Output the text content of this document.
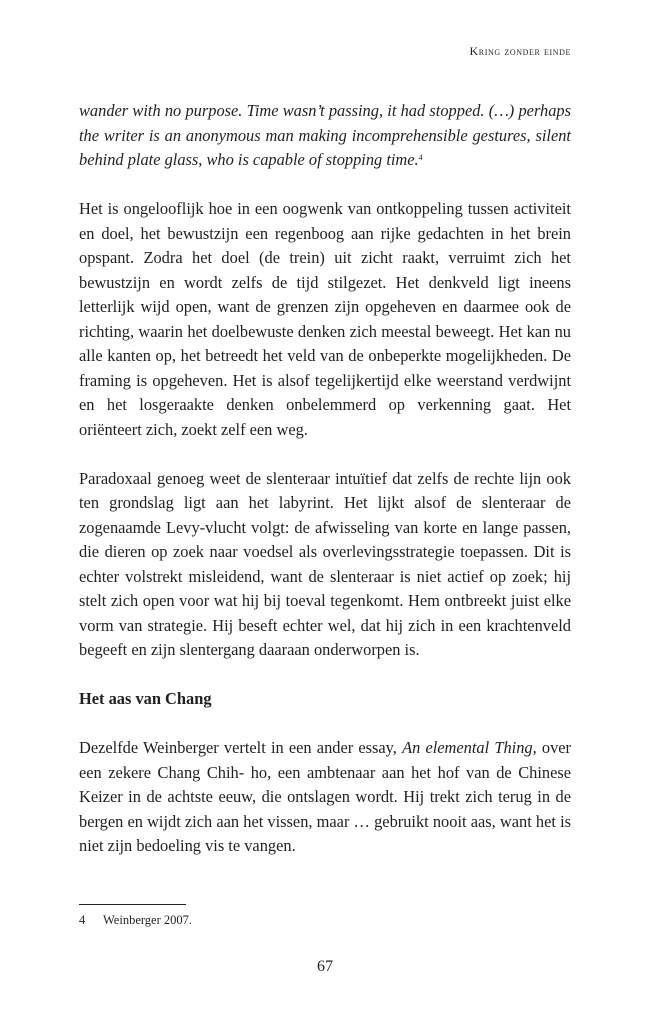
Kring zonder einde

wander with no purpose. Time wasn’t passing, it had stopped. (…) perhaps the writer is an anonymous man making incomprehensible gestures, silent behind plate glass, who is capable of stopping time.$^4$

Het is ongelooflijk hoe in een oogwenk van ontkoppeling tussen activiteit en doel, het bewustzijn een regenboog aan rijke gedachten in het brein opspant. Zodra het doel (de trein) uit zicht raakt, verruimt zich het bewustzijn en wordt zelfs de tijd stilgezet. Het denkveld ligt ineens letterlijk wijd open, want de grenzen zijn opgeheven en daarmee ook de richting, waarin het doelbewuste denken zich meestal beweegt. Het kan nu alle kanten op, het betreedt het veld van de onbeperkte mogelijkheden. De framing is opgeheven. Het is alsof tegelijkertijd elke weerstand verdwijnt en het losgeraakte denken onbelemmerd op verkenning gaat. Het oriënteert zich, zoekt zelf een weg.

Paradoxaal genoeg weet de slenteraar intuïtief dat zelfs de rechte lijn ook ten grondslag ligt aan het labyrint. Het lijkt alsof de slenteraar de zogenaamde Levy-vlucht volgt: de afwisseling van korte en lange passen, die dieren op zoek naar voedsel als overlevingsstrategie toepassen. Dit is echter volstrekt misleidend, want de slenteraar is niet actief op zoek; hij stelt zich open voor wat hij bij toeval tegenkomt. Hem ontbreekt juist elke vorm van strategie. Hij beseft echter wel, dat hij zich in een krachtenveld begeeft en zijn slentergang daaraan onderworpen is.

Het aas van Chang

Dezelfde Weinberger vertelt in een ander essay, An elemental Thing, over een zekere Chang Chih- ho, een ambtenaar aan het hof van de Chinese Keizer in de achtste eeuw, die ontslagen wordt. Hij trekt zich terug in de bergen en wijdt zich aan het vissen, maar … gebruikt nooit aas, want het is niet zijn bedoeling vis te vangen.

4 Weinberger 2007.
67
